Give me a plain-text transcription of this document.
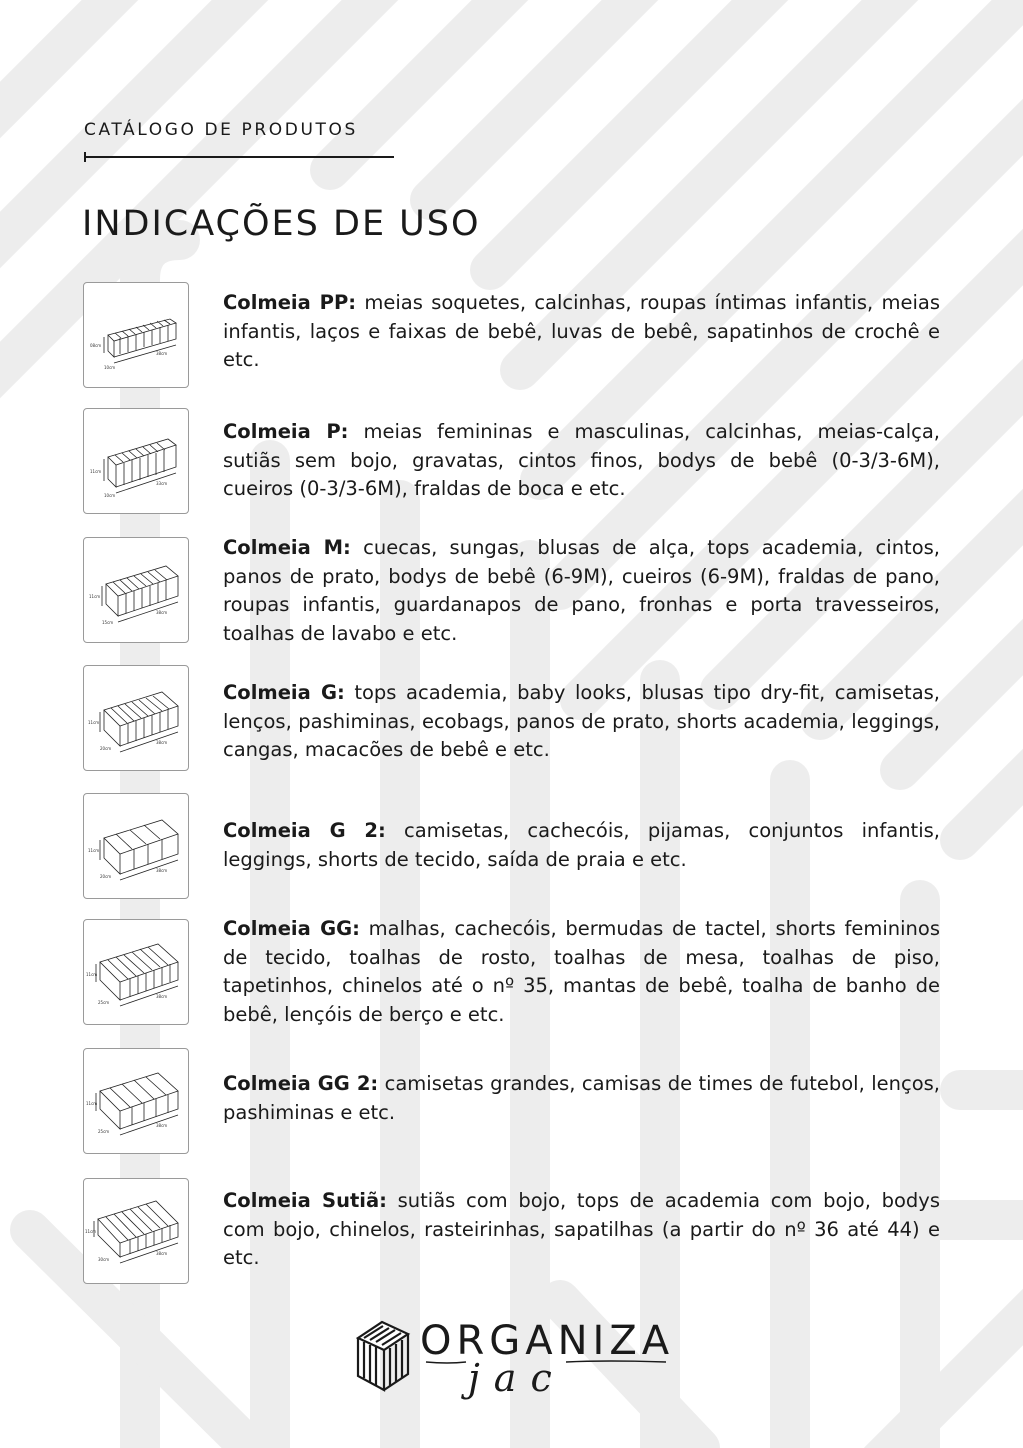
CATÁLOGO DE PRODUTOS
INDICAÇÕES DE USO
08cm
10cm
38cm

Colmeia PP: meias soquetes, calcinhas, roupas íntimas infantis, meias infantis, laços e faixas de bebê, luvas de bebê, sapatinhos de crochê e etc.

11cm
10cm
33cm

Colmeia P: meias femininas e masculinas, calcinhas, meias-calça, sutiãs sem bojo, gravatas, cintos finos, bodys de bebê (0-3/3-6M), cueiros (0-3/3-6M), fraldas de boca e etc.

11cm
15cm
38cm

Colmeia M: cuecas, sungas, blusas de alça, tops academia, cintos, panos de prato, bodys de bebê (6-9M), cueiros (6-9M), fraldas de pano, roupas infantis, guardanapos de pano, fronhas e porta travesseiros, toalhas de lavabo e etc.

11cm
20cm
38cm

Colmeia G: tops academia, baby looks, blusas tipo dry-fit, camisetas, lenços, pashiminas, ecobags, panos de prato, shorts academia, leggings, cangas, macacões de bebê e etc.

11cm
20cm
38cm

Colmeia G 2: camisetas, cachecóis, pijamas, conjuntos infantis, leggings, shorts de tecido, saída de praia e etc.

11cm
25cm
38cm

Colmeia GG: malhas, cachecóis, bermudas de tactel, shorts femininos de tecido, toalhas de rosto, toalhas de mesa, toalhas de piso, tapetinhos, chinelos até o nº 35, mantas de bebê, toalha de banho de bebê, lençóis de berço e etc.

11cm
25cm
38cm

Colmeia GG 2: camisetas grandes, camisas de times de futebol, lenços, pashiminas e etc.

11cm
30cm
38cm

Colmeia Sutiã: sutiãs com bojo, tops de academia com bojo, bodys com bojo, chinelos, rasteirinhas, sapatilhas (a partir do nº 36 até 44) e etc.

ORGANIZA
jac
